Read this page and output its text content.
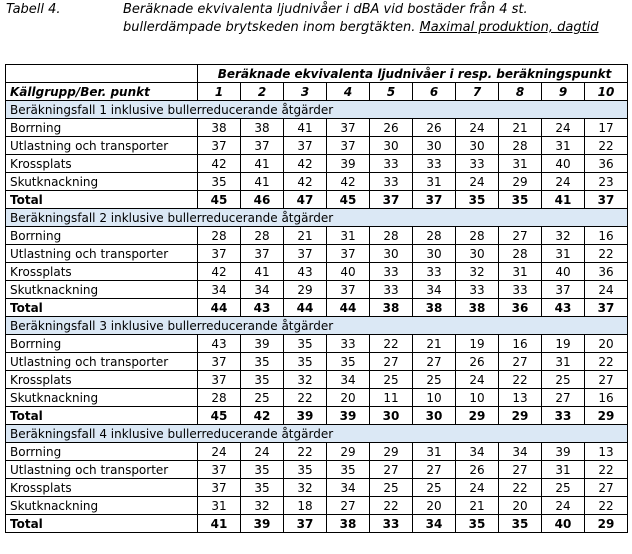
Tabell 4.	Beräknade ekvivalenta ljudnivåer i dBA vid bostäder från 4 st. bullerdämpade brytskeden inom bergtäkten. Maximal produktion, dagtid
	Beräknade ekvivalenta ljudnivåer i resp. beräkningspunkt									
Källgrupp/Ber. punkt	1	2	3	4	5	6	7	8	9	10
Beräkningsfall 1 inklusive bullerreducerande åtgärder										
Borrning	38	38	41	37	26	26	24	21	24	17
Utlastning och transporter	37	37	37	37	30	30	30	28	31	22
Krossplats	42	41	42	39	33	33	33	31	40	36
Skutknackning	35	41	42	42	33	31	24	29	24	23
Total	45	46	47	45	37	37	35	35	41	37
Beräkningsfall 2 inklusive bullerreducerande åtgärder										
Borrning	28	28	21	31	28	28	28	27	32	16
Utlastning och transporter	37	37	37	37	30	30	30	28	31	22
Krossplats	42	41	43	40	33	33	32	31	40	36
Skutknackning	34	34	29	37	33	34	33	33	37	24
Total	44	43	44	44	38	38	38	36	43	37
Beräkningsfall 3 inklusive bullerreducerande åtgärder										
Borrning	43	39	35	33	22	21	19	16	19	20
Utlastning och transporter	37	35	35	35	27	27	26	27	31	22
Krossplats	37	35	32	34	25	25	24	22	25	27
Skutknackning	28	25	22	20	11	10	10	13	27	16
Total	45	42	39	39	30	30	29	29	33	29
Beräkningsfall 4 inklusive bullerreducerande åtgärder										
Borrning	24	24	22	29	29	31	34	34	39	13
Utlastning och transporter	37	35	35	35	27	27	26	27	31	22
Krossplats	37	35	32	34	25	25	24	22	25	27
Skutknackning	31	32	18	27	22	20	21	20	24	22
Total	41	39	37	38	33	34	35	35	40	29
